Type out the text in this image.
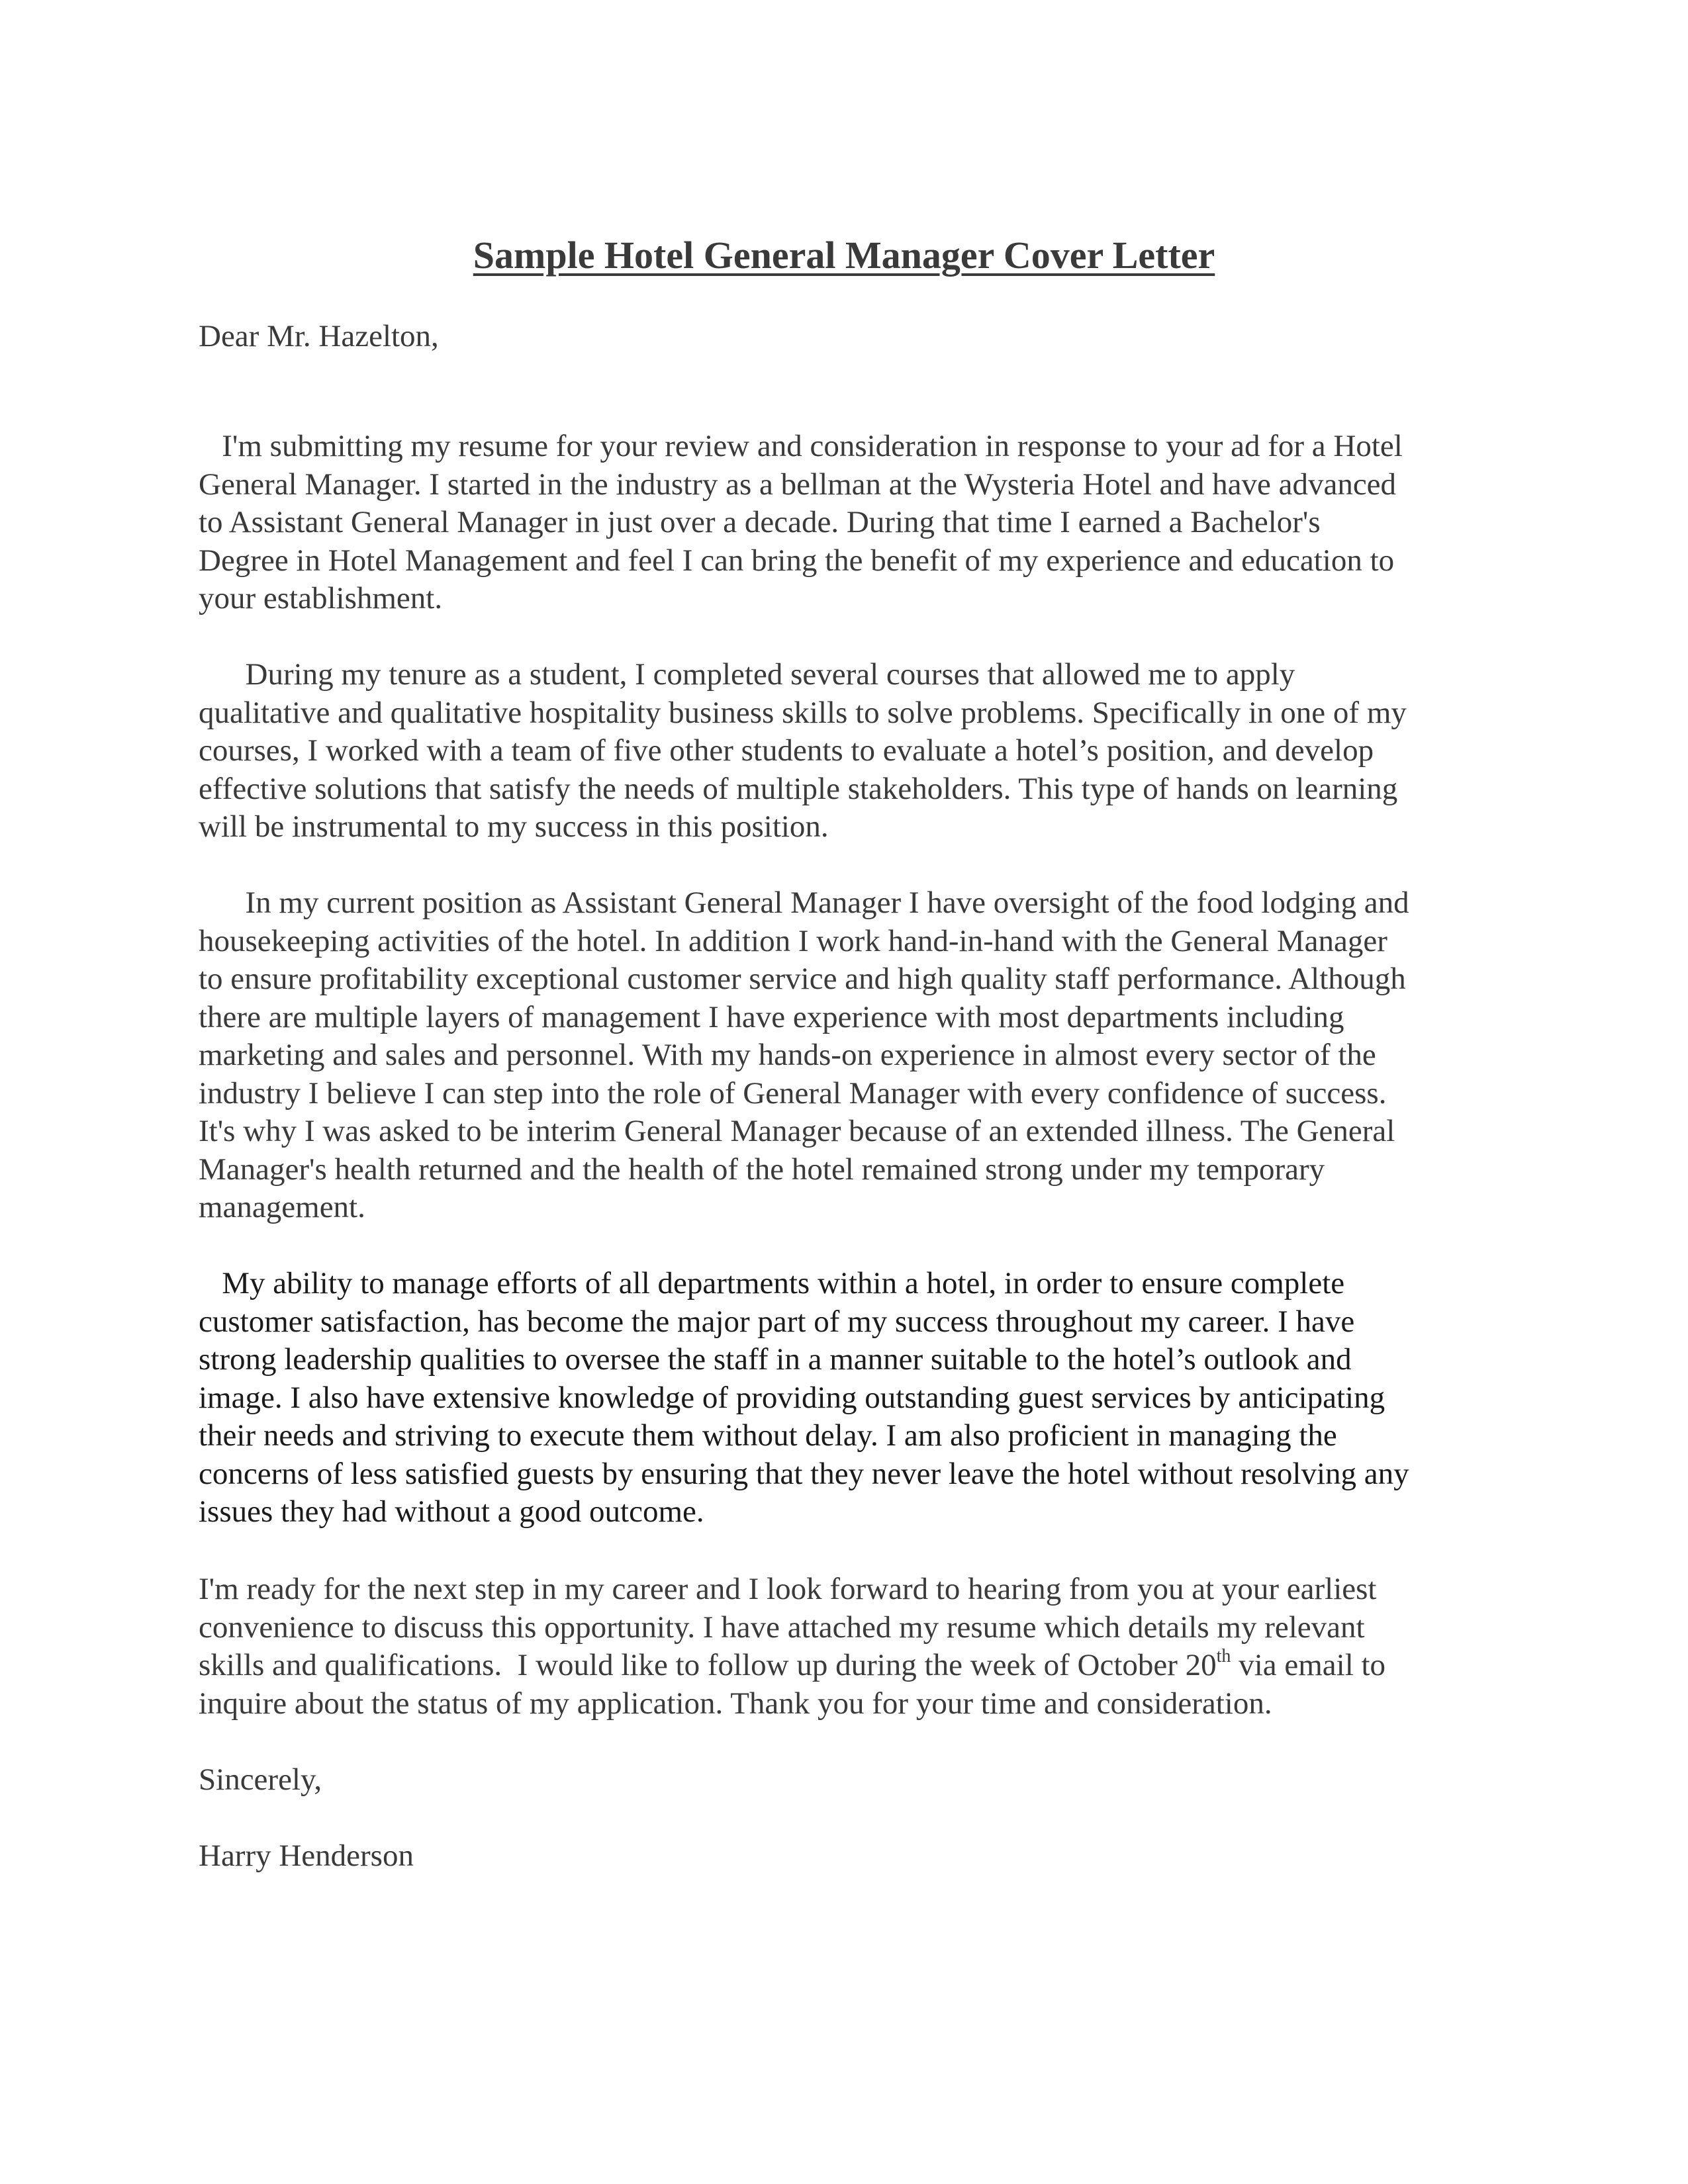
Sample Hotel General Manager Cover Letter

Dear Mr. Hazelton,

I'm submitting my resume for your review and consideration in response to your ad for a Hotel
General Manager. I started in the industry as a bellman at the Wysteria Hotel and have advanced
to Assistant General Manager in just over a decade. During that time I earned a Bachelor's
Degree in Hotel Management and feel I can bring the benefit of my experience and education to
your establishment.
During my tenure as a student, I completed several courses that allowed me to apply
qualitative and qualitative hospitality business skills to solve problems. Specifically in one of my
courses, I worked with a team of five other students to evaluate a hotel’s position, and develop
effective solutions that satisfy the needs of multiple stakeholders. This type of hands on learning
will be instrumental to my success in this position.
In my current position as Assistant General Manager I have oversight of the food lodging and
housekeeping activities of the hotel. In addition I work hand-in-hand with the General Manager
to ensure profitability exceptional customer service and high quality staff performance. Although
there are multiple layers of management I have experience with most departments including
marketing and sales and personnel. With my hands-on experience in almost every sector of the
industry I believe I can step into the role of General Manager with every confidence of success.
It's why I was asked to be interim General Manager because of an extended illness. The General
Manager's health returned and the health of the hotel remained strong under my temporary
management.
My ability to manage efforts of all departments within a hotel, in order to ensure complete
customer satisfaction, has become the major part of my success throughout my career. I have
strong leadership qualities to oversee the staff in a manner suitable to the hotel’s outlook and
image. I also have extensive knowledge of providing outstanding guest services by anticipating
their needs and striving to execute them without delay. I am also proficient in managing the
concerns of less satisfied guests by ensuring that they never leave the hotel without resolving any
issues they had without a good outcome.
I'm ready for the next step in my career and I look forward to hearing from you at your earliest
convenience to discuss this opportunity. I have attached my resume which details my relevant
skills and qualifications.  I would like to follow up during the week of October 20th via email to
inquire about the status of my application. Thank you for your time and consideration.

Sincerely,

Harry Henderson
